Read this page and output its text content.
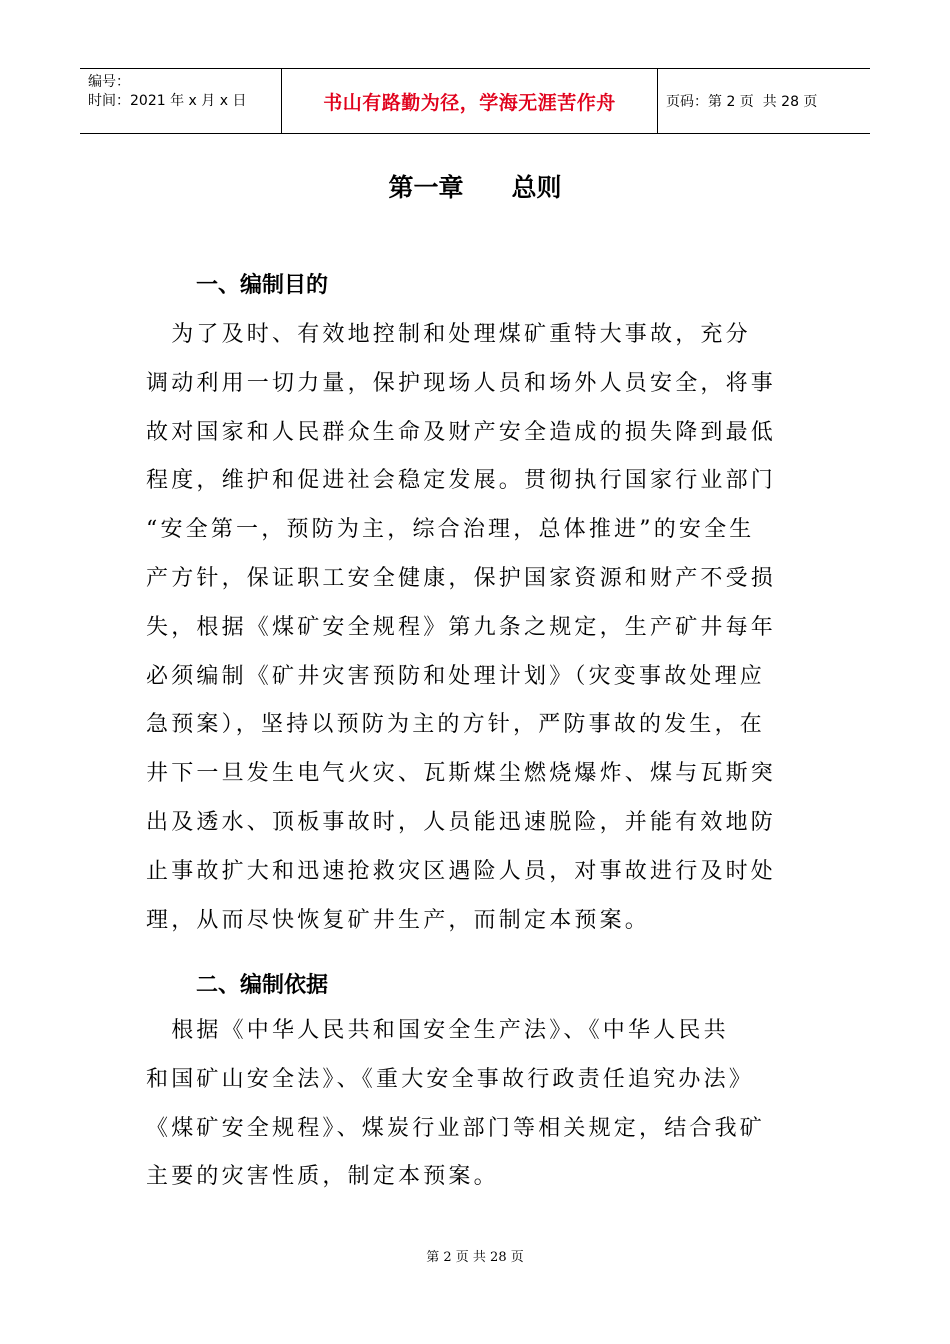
编号：
时间：2021 年 x 月 x 日	书山有路勤为径，学海无涯苦作舟	页码：第 2 页  共 28 页
第一章 总则
一、编制目的
　为了及时、有效地控制和处理煤矿重特大事故，充分
调动利用一切力量，保护现场人员和场外人员安全，将事
故对国家和人民群众生命及财产安全造成的损失降到最低
程度，维护和促进社会稳定发展。贯彻执行国家行业部门
“安全第一，预防为主，综合治理，总体推进”的安全生
产方针，保证职工安全健康，保护国家资源和财产不受损
失，根据《煤矿安全规程》第九条之规定，生产矿井每年
必须编制《矿井灾害预防和处理计划》（灾变事故处理应
急预案），坚持以预防为主的方针，严防事故的发生，在
井下一旦发生电气火灾、瓦斯煤尘燃烧爆炸、煤与瓦斯突
出及透水、顶板事故时，人员能迅速脱险，并能有效地防
止事故扩大和迅速抢救灾区遇险人员，对事故进行及时处
理，从而尽快恢复矿井生产，而制定本预案。
二、编制依据
　根据《中华人民共和国安全生产法》、《中华人民共
和国矿山安全法》、《重大安全事故行政责任追究办法》
《煤矿安全规程》、煤炭行业部门等相关规定，结合我矿
主要的灾害性质，制定本预案。
第 2 页 共 28 页
